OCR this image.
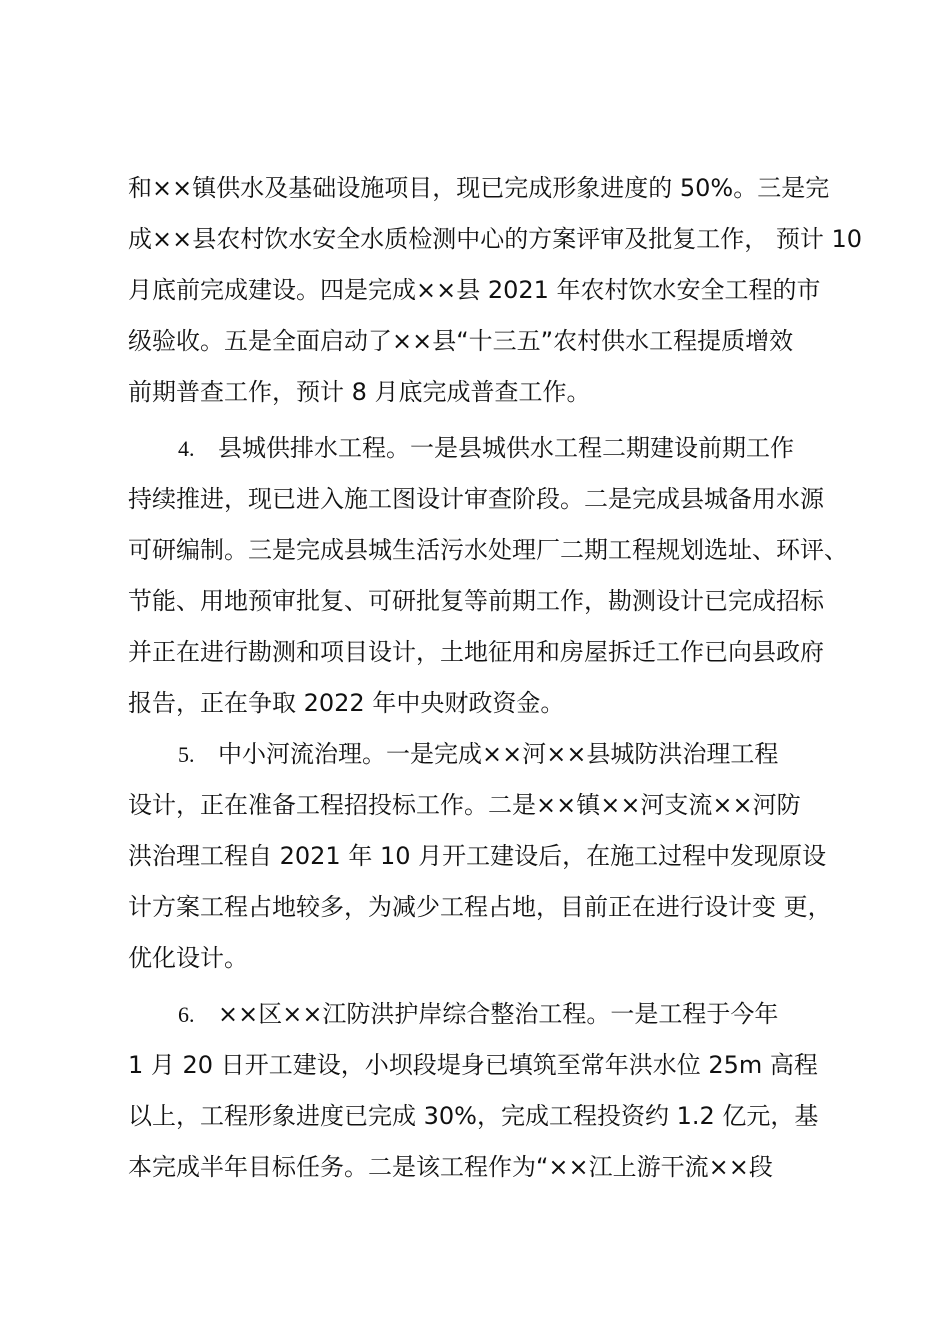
和××镇供水及基础设施项目，现已完成形象进度的 50%。三是完
成××县农村饮水安全水质检测中心的方案评审及批复工作， 预计 10
月底前完成建设。四是完成××县 2021 年农村饮水安全工程的市
级验收。五是全面启动了××县“十三五”农村供水工程提质增效
前期普查工作，预计 8 月底完成普查工作。
4. 县城供排水工程。一是县城供水工程二期建设前期工作
持续推进，现已进入施工图设计审查阶段。二是完成县城备用水源
可研编制。三是完成县城生活污水处理厂二期工程规划选址、环评、
节能、用地预审批复、可研批复等前期工作，勘测设计已完成招标
并正在进行勘测和项目设计，土地征用和房屋拆迁工作已向县政府
报告，正在争取 2022 年中央财政资金。
5. 中小河流治理。一是完成××河××县城防洪治理工程
设计，正在准备工程招投标工作。二是××镇××河支流××河防
洪治理工程自 2021 年 10 月开工建设后，在施工过程中发现原设
计方案工程占地较多，为减少工程占地，目前正在进行设计变 更，
优化设计。
6. ××区××江防洪护岸综合整治工程。一是工程于今年
1 月 20 日开工建设，小坝段堤身已填筑至常年洪水位 25m 高程
以上，工程形象进度已完成 30%，完成工程投资约 1.2 亿元，基
本完成半年目标任务。二是该工程作为“××江上游干流××段
